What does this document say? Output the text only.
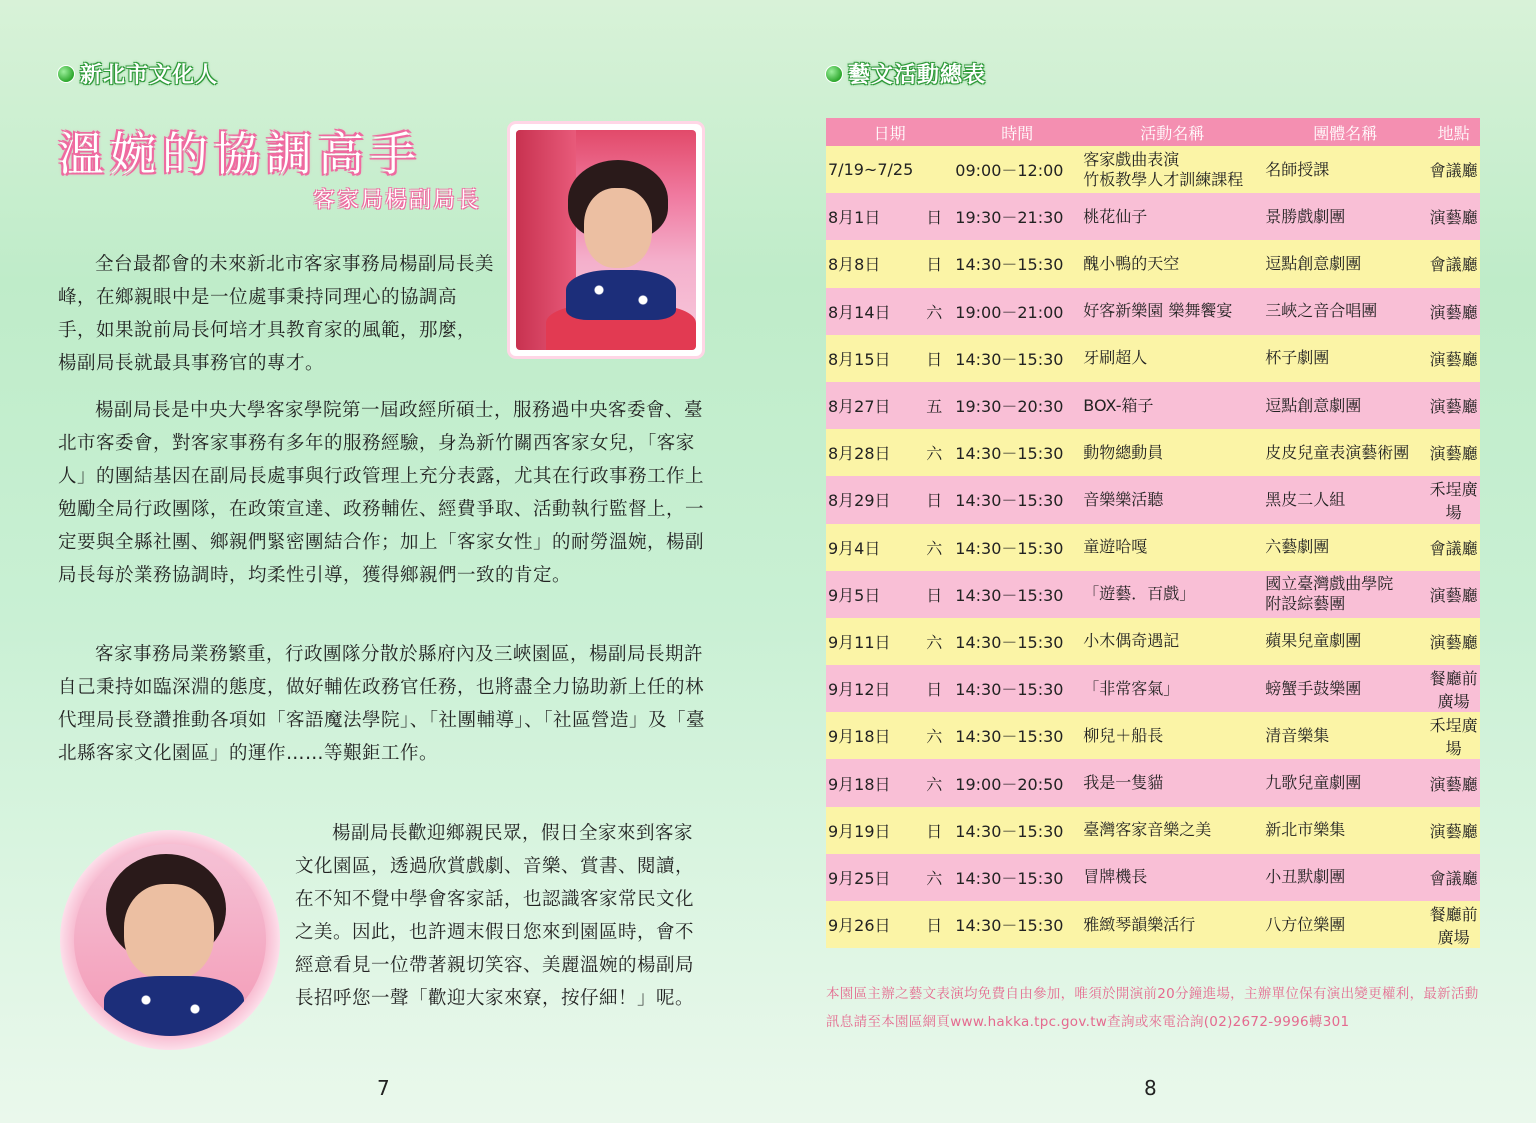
新北市文化人
溫婉的協調高手
客家局楊副局長

全台最都會的未來新北市客家事務局楊副局長美峰，在鄉親眼中是一位處事秉持同理心的協調高手，如果說前局長何培才具教育家的風範，那麼，楊副局長就最具事務官的專才。

楊副局長是中央大學客家學院第一屆政經所碩士，服務過中央客委會、臺北市客委會，對客家事務有多年的服務經驗，身為新竹關西客家女兒，「客家人」的團結基因在副局長處事與行政管理上充分表露，尤其在行政事務工作上勉勵全局行政團隊，在政策宣達、政務輔佐、經費爭取、活動執行監督上，一定要與全縣社團、鄉親們緊密團結合作；加上「客家女性」的耐勞溫婉，楊副局長每於業務協調時，均柔性引導，獲得鄉親們一致的肯定。

客家事務局業務繁重，行政團隊分散於縣府內及三峽園區，楊副局長期許自己秉持如臨深淵的態度，做好輔佐政務官任務，也將盡全力協助新上任的林代理局長登讚推動各項如「客語魔法學院」、「社團輔導」、「社區營造」及「臺北縣客家文化園區」的運作……等艱鉅工作。

楊副局長歡迎鄉親民眾，假日全家來到客家文化園區，透過欣賞戲劇、音樂、賞書、閱讀，在不知不覺中學會客家話，也認識客家常民文化之美。因此，也許週末假日您來到園區時，會不經意看見一位帶著親切笑容、美麗溫婉的楊副局長招呼您一聲「歡迎大家來寮，按仔細！」呢。

7
藝文活動總表
日期		時間	活動名稱	團體名稱	地點
7/19~7/25		09:00－12:00	客家戲曲表演
竹板教學人才訓練課程	名師授課	會議廳
8月1日	日	19:30－21:30	桃花仙子	景勝戲劇團	演藝廳
8月8日	日	14:30－15:30	醜小鴨的天空	逗點創意劇團	會議廳
8月14日	六	19:00－21:00	好客新樂園 樂舞饗宴	三峽之音合唱團	演藝廳
8月15日	日	14:30－15:30	牙刷超人	杯子劇團	演藝廳
8月27日	五	19:30－20:30	BOX-箱子	逗點創意劇團	演藝廳
8月28日	六	14:30－15:30	動物總動員	皮皮兒童表演藝術團	演藝廳
8月29日	日	14:30－15:30	音樂樂活聽	黑皮二人組	禾埕廣場
9月4日	六	14:30－15:30	童遊哈嘎	六藝劇團	會議廳
9月5日	日	14:30－15:30	「遊藝．百戲」	國立臺灣戲曲學院
附設綜藝團	演藝廳
9月11日	六	14:30－15:30	小木偶奇遇記	蘋果兒童劇團	演藝廳
9月12日	日	14:30－15:30	「非常客氣」	螃蟹手鼓樂團	餐廳前廣場
9月18日	六	14:30－15:30	柳兒＋船長	清音樂集	禾埕廣場
9月18日	六	19:00－20:50	我是一隻貓	九歌兒童劇團	演藝廳
9月19日	日	14:30－15:30	臺灣客家音樂之美	新北市樂集	演藝廳
9月25日	六	14:30－15:30	冒牌機長	小丑默劇團	會議廳
9月26日	日	14:30－15:30	雅緻琴韻樂活行	八方位樂團	餐廳前廣場
本園區主辦之藝文表演均免費自由參加，唯須於開演前20分鐘進場，主辦單位保有演出變更權利，最新活動訊息請至本園區網頁www.hakka.tpc.gov.tw查詢或來電洽詢(02)2672-9996轉301
8
